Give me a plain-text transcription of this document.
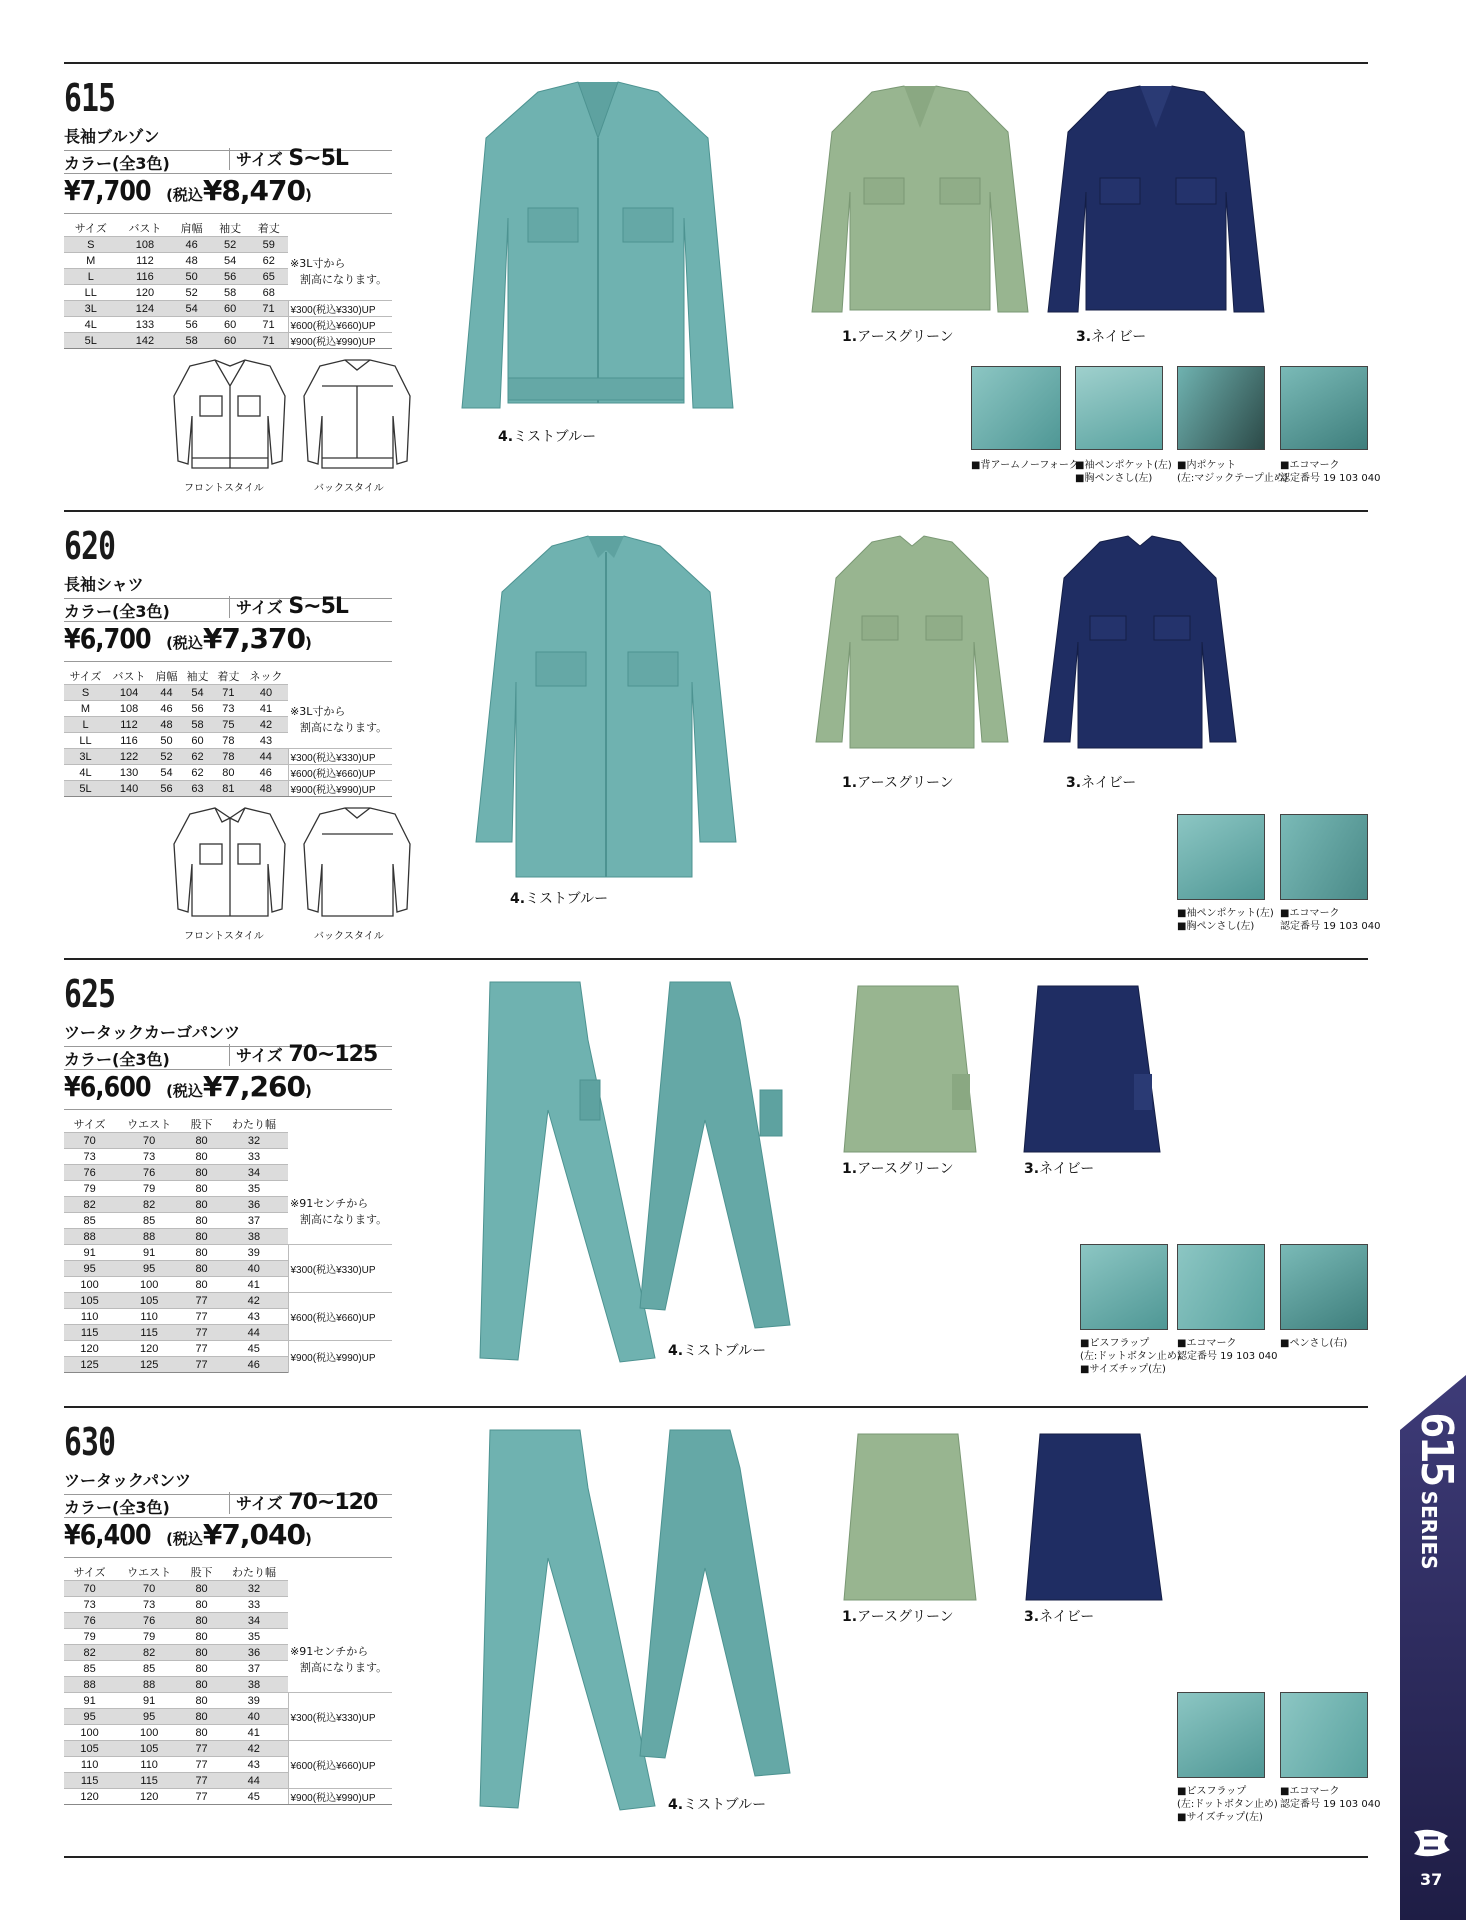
615
長袖ブルゾン
カラー(全3色)	サイズ S~5L
¥7,700 (税込¥8,470)
サイズ	バスト	肩幅	袖丈	着丈	
S	108	46	52	59	
M	112	48	54	62	
L	116	50	56	65	
LL	120	52	58	68	
3L	124	54	60	71	¥300(税込¥330)UP
4L	133	56	60	71	¥600(税込¥660)UP
5L	142	58	60	71	¥900(税込¥990)UP
※3L寸から
割高になります。
フロントスタイル	バックスタイル
4.ミストブルー
1.アースグリーン	3.ネイビー
■背アームノーフォーク
■袖ペンポケット(左)
■胸ペンさし(左)
■内ポケット
(左:マジックテープ止め)
■エコマーク
認定番号 19 103 040
620
長袖シャツ
カラー(全3色)	サイズ S~5L
¥6,700 (税込¥7,370)
サイズ	バスト	肩幅	袖丈	着丈	ネック	
S	104	44	54	71	40	
M	108	46	56	73	41	
L	112	48	58	75	42	
LL	116	50	60	78	43	
3L	122	52	62	78	44	¥300(税込¥330)UP
4L	130	54	62	80	46	¥600(税込¥660)UP
5L	140	56	63	81	48	¥900(税込¥990)UP
※3L寸から
割高になります。
フロントスタイル	バックスタイル
4.ミストブルー
1.アースグリーン	3.ネイビー
■袖ペンポケット(左)
■胸ペンさし(左)
■エコマーク
認定番号 19 103 040
625
ツータックカーゴパンツ
カラー(全3色)	サイズ 70~125
¥6,600 (税込¥7,260)
サイズ	ウエスト	股下	わたり幅	
70	70	80	32	
73	73	80	33	
76	76	80	34	
79	79	80	35	
82	82	80	36	
85	85	80	37	
88	88	80	38	
91	91	80	39	¥300(税込¥330)UP
95	95	80	40	
100	100	80	41	
105	105	77	42	¥600(税込¥660)UP
110	110	77	43	
115	115	77	44	
120	120	77	45	¥900(税込¥990)UP
125	125	77	46	
※91センチから
割高になります。
4.ミストブルー
1.アースグリーン	3.ネイビー
■ピスフラップ
(左:ドットボタン止め)
■サイズチップ(左)
■エコマーク
認定番号 19 103 040
■ペンさし(右)
630
ツータックパンツ
カラー(全3色)	サイズ 70~120
¥6,400 (税込¥7,040)
サイズ	ウエスト	股下	わたり幅	
70	70	80	32	
73	73	80	33	
76	76	80	34	
79	79	80	35	
82	82	80	36	
85	85	80	37	
88	88	80	38	
91	91	80	39	¥300(税込¥330)UP
95	95	80	40	
100	100	80	41	
105	105	77	42	¥600(税込¥660)UP
110	110	77	43	
115	115	77	44	
120	120	77	45	¥900(税込¥990)UP
※91センチから
割高になります。
4.ミストブルー
1.アースグリーン	3.ネイビー
■ピスフラップ
(左:ドットボタン止め)
■サイズチップ(左)
■エコマーク
認定番号 19 103 040
615 SERIES
37
